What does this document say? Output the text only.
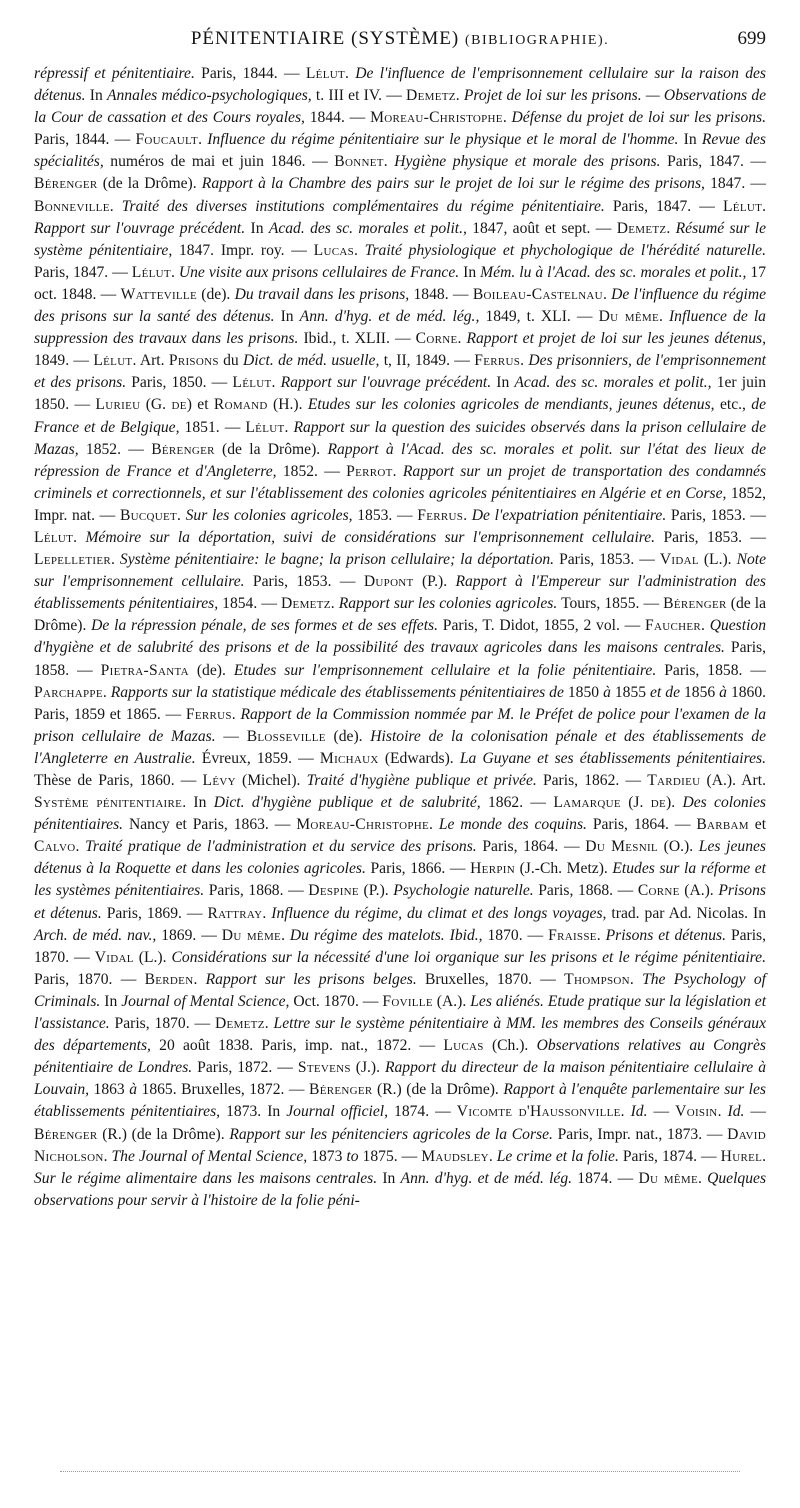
PÉNITENTIAIRE (SYSTÈME) (BIBLIOGRAPHIE).	699

répressif et pénitentiaire. Paris, 1844. — Lélut. De l'influence de l'emprisonnement cellulaire sur la raison des détenus. In Annales médico-psychologiques, t. III et IV. — Demetz. Projet de loi sur les prisons. — Observations de la Cour de cassation et des Cours royales, 1844. — Moreau-Christophe. Défense du projet de loi sur les prisons. Paris, 1844. — Foucault. Influence du régime pénitentiaire sur le physique et le moral de l'homme. In Revue des spécialités, numéros de mai et juin 1846. — Bonnet. Hygiène physique et morale des prisons. Paris, 1847. — Bérenger (de la Drôme). Rapport à la Chambre des pairs sur le projet de loi sur le régime des prisons, 1847. — Bonneville. Traité des diverses institutions complémentaires du régime pénitentiaire. Paris, 1847. — Lélut. Rapport sur l'ouvrage précédent. In Acad. des sc. morales et polit., 1847, août et sept. — Demetz. Résumé sur le système pénitentiaire, 1847. Impr. roy. — Lucas. Traité physiologique et phychologique de l'hérédité naturelle. Paris, 1847. — Lélut. Une visite aux prisons cellulaires de France. In Mém. lu à l'Acad. des sc. morales et polit., 17 oct. 1848. — Watteville (de). Du travail dans les prisons, 1848. — Boileau-Castelnau. De l'influence du régime des prisons sur la santé des détenus. In Ann. d'hyg. et de méd. lég., 1849, t. XLI. — Du même. Influence de la suppression des travaux dans les prisons. Ibid., t. XLII. — Corne. Rapport et projet de loi sur les jeunes détenus, 1849. — Lélut. Art. Prisons du Dict. de méd. usuelle, t, II, 1849. — Ferrus. Des prisonniers, de l'emprisonnement et des prisons. Paris, 1850. — Lélut. Rapport sur l'ouvrage précédent. In Acad. des sc. morales et polit., 1er juin 1850. — Lurieu (G. de) et Romand (H.). Etudes sur les colonies agricoles de mendiants, jeunes détenus, etc., de France et de Belgique, 1851. — Lélut. Rapport sur la question des suicides observés dans la prison cellulaire de Mazas, 1852. — Bérenger (de la Drôme). Rapport à l'Acad. des sc. morales et polit. sur l'état des lieux de répression de France et d'Angleterre, 1852. — Perrot. Rapport sur un projet de transportation des condamnés criminels et correctionnels, et sur l'établissement des colonies agricoles pénitentiaires en Algérie et en Corse, 1852, Impr. nat. — Bucquet. Sur les colonies agricoles, 1853. — Ferrus. De l'expatriation pénitentiaire. Paris, 1853. — Lélut. Mémoire sur la déportation, suivi de considérations sur l'emprisonnement cellulaire. Paris, 1853. — Lepelletier. Système pénitentiaire: le bagne; la prison cellulaire; la déportation. Paris, 1853. — Vidal (L.). Note sur l'emprisonnement cellulaire. Paris, 1853. — Dupont (P.). Rapport à l'Empereur sur l'administration des établissements pénitentiaires, 1854. — Demetz. Rapport sur les colonies agricoles. Tours, 1855. — Bérenger (de la Drôme). De la répression pénale, de ses formes et de ses effets. Paris, T. Didot, 1855, 2 vol. — Faucher. Question d'hygiène et de salubrité des prisons et de la possibilité des travaux agricoles dans les maisons centrales. Paris, 1858. — Pietra-Santa (de). Etudes sur l'emprisonnement cellulaire et la folie pénitentiaire. Paris, 1858. — Parchappe. Rapports sur la statistique médicale des établissements pénitentiaires de 1850 à 1855 et de 1856 à 1860. Paris, 1859 et 1865. — Ferrus. Rapport de la Commission nommée par M. le Préfet de police pour l'examen de la prison cellulaire de Mazas. — Blosseville (de). Histoire de la colonisation pénale et des établissements de l'Angleterre en Australie. Évreux, 1859. — Michaux (Edwards). La Guyane et ses établissements pénitentiaires. Thèse de Paris, 1860. — Lévy (Michel). Traité d'hygiène publique et privée. Paris, 1862. — Tardieu (A.). Art. Système pénitentiaire. In Dict. d'hygiène publique et de salubrité, 1862. — Lamarque (J. de). Des colonies pénitentiaires. Nancy et Paris, 1863. — Moreau-Christophe. Le monde des coquins. Paris, 1864. — Barbaм et Calvo. Traité pratique de l'administration et du service des prisons. Paris, 1864. — Du Mesnil (O.). Les jeunes détenus à la Roquette et dans les colonies agricoles. Paris, 1866. — Herpin (J.-Ch. Metz). Etudes sur la réforme et les systèmes pénitentiaires. Paris, 1868. — Despine (P.). Psychologie naturelle. Paris, 1868. — Corne (A.). Prisons et détenus. Paris, 1869. — Rattray. Influence du régime, du climat et des longs voyages, trad. par Ad. Nicolas. In Arch. de méd. nav., 1869. — Du même. Du régime des matelots. Ibid., 1870. — Fraisse. Prisons et détenus. Paris, 1870. — Vidal (L.). Considérations sur la nécessité d'une loi organique sur les prisons et le régime pénitentiaire. Paris, 1870. — Berden. Rapport sur les prisons belges. Bruxelles, 1870. — Thompson. The Psychology of Criminals. In Journal of Mental Science, Oct. 1870. — Foville (A.). Les aliénés. Etude pratique sur la législation et l'assistance. Paris, 1870. — Demetz. Lettre sur le système pénitentiaire à MM. les membres des Conseils généraux des départements, 20 août 1838. Paris, imp. nat., 1872. — Lucas (Ch.). Observations relatives au Congrès pénitentiaire de Londres. Paris, 1872. — Stevens (J.). Rapport du directeur de la maison pénitentiaire cellulaire à Louvain, 1863 à 1865. Bruxelles, 1872. — Bérenger (R.) (de la Drôme). Rapport à l'enquête parlementaire sur les établissements pénitentiaires, 1873. In Journal officiel, 1874. — Vicomte d'Haussonville. Id. — Voisin. Id. — Bérenger (R.) (de la Drôme). Rapport sur les pénitenciers agricoles de la Corse. Paris, Impr. nat., 1873. — David Nicholson. The Journal of Mental Science, 1873 to 1875. — Maudsley. Le crime et la folie. Paris, 1874. — Hurel. Sur le régime alimentaire dans les maisons centrales. In Ann. d'hyg. et de méd. lég. 1874. — Du même. Quelques observations pour servir à l'histoire de la folie péni-
